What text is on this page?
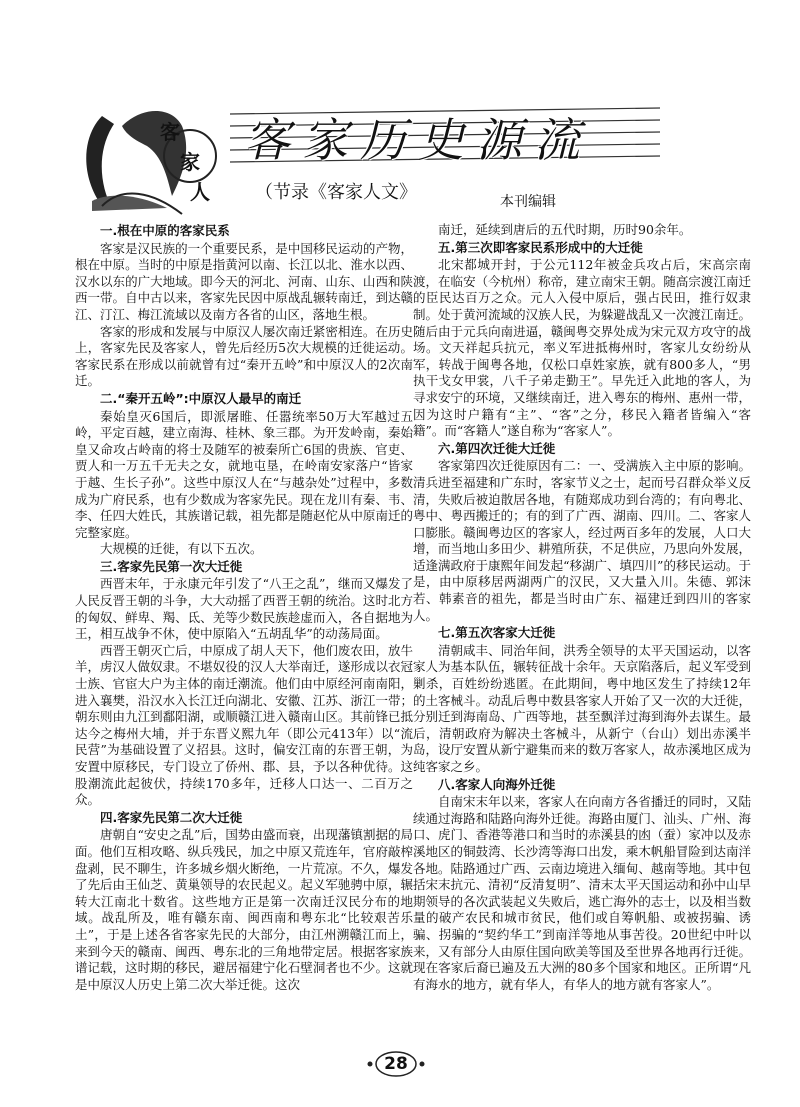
客
家
人
客家历史源流
（节录《客家人文》	本刊编辑
一.根在中原的客家民系

客家是汉民族的一个重要民系，是中国移民运动的产物，根在中原。当时的中原是指黄河以南、长江以北、淮水以西、汉水以东的广大地域。即今天的河北、河南、山东、山西和陕西一带。自中古以来，客家先民因中原战乱辗转南迁，到达赣江、汀江、梅江流域以及南方各省的山区，落地生根。

客家的形成和发展与中原汉人屡次南迁紧密相连。在历史上，客家先民及客家人，曾先后经历5次大规模的迁徙运动。客家民系在形成以前就曾有过“秦开五岭”和中原汉人的2次南迁。

二.“秦开五岭”:中原汉人最早的南迁

秦始皇灭6国后，即派屠睢、任嚣统率50万大军越过五岭，平定百越，建立南海、桂林、象三郡。为开发岭南，秦始皇又命攻占岭南的将士及随军的被秦所亡6国的贵族、官吏、贾人和一万五千无夫之女，就地屯垦，在岭南安家落户“皆家于越、生长子孙”。这些中原汉人在“与越杂处”过程中，多数成为广府民系，也有少数成为客家先民。现在龙川有秦、韦、李、任四大姓氏，其族谱记载，祖先都是随赵佗从中原南迁的完整家庭。

大规模的迁徙，有以下五次。

三.客家先民第一次大迁徙

西晋末年，于永康元年引发了“八王之乱”，继而又爆发了人民反晋王朝的斗争，大大动摇了西晋王朝的统治。这时北方的匈奴、鲜卑、羯、氐、羌等少数民族趁虚而入，各自据地为王，相互战争不休，使中原陷入“五胡乱华”的动荡局面。

西晋王朝灭亡后，中原成了胡人天下，他们废农田，放牛羊，虏汉人做奴隶。不堪奴役的汉人大举南迁，遂形成以衣冠士族、官宦大户为主体的南迁潮流。他们由中原经河南南阳，进入襄樊，沿汉水入长江迁向湖北、安徽、江苏、浙江一带；朝东则由九江到鄱阳湖，或顺赣江进入赣南山区。其前锋已抵达今之梅州大埔，并于东晋义熙九年（即公元413年）以“流民营”为基础设置了义招县。这时，偏安江南的东晋王朝，为安置中原移民，专门设立了侨州、郡、县，予以各种优待。这股潮流此起彼伏，持续170多年，迁移人口达一、二百万之众。

四.客家先民第二次大迁徙

唐朝自“安史之乱”后，国势由盛而衰，出现藩镇割据的局面。他们互相攻略、纵兵残民，加之中原又荒连年，官府敲榨盘剥，民不聊生，许多城乡烟火断绝，一片荒凉。不久，爆发了先后由王仙芝、黄巢领导的农民起义。起义军驰骋中原，辗转大江南北十数省。这些地方正是第一次南迁汉民分布的地域。战乱所及，唯有赣东南、闽西南和粤东北“比较艰苦乐土”，于是上述各省客家先民的大部分，由江州溯赣江而上，来到今天的赣南、闽西、粤东北的三角地带定居。根据客家族谱记载，这时期的移民，避居福建宁化石壁洞者也不少。这就是中原汉人历史上第二次大举迁徙。这次

南迁，延续到唐后的五代时期，历时90余年。

五.第三次即客家民系形成中的大迁徙

北宋都城开封，于公元112年被金兵攻占后，宋高宗南渡，在临安（今杭州）称帝，建立南宋王朝。随高宗渡江南迁的臣民达百万之众。元人入侵中原后，强占民田，推行奴隶制。处于黄河流域的汉族人民，为躲避战乱又一次渡江南迁。随后由于元兵向南进逼，赣闽粤交界处成为宋元双方攻守的战场。文天祥起兵抗元，率义军进抵梅州时，客家儿女纷纷从军，转战于闽粤各地，仅松口卓姓家族，就有800多人，“男执干戈女甲裳，八千子弟走勤王”。早先迁入此地的客人，为寻求安宁的环境，又继续南迁，进入粤东的梅州、惠州一带，因为这时户籍有“主”、“客”之分，移民入籍者皆编入“客籍”。而“客籍人”遂自称为“客家人”。

六.第四次迁徙大迁徙

客家第四次迁徙原因有二：一、受满族入主中原的影响。清兵进至福建和广东时，客家节义之士，起而号召群众举义反清，失败后被迫散居各地，有随郑成功到台湾的；有向粤北、粤中、粤西搬迁的；有的到了广西、湖南、四川。二、客家人口膨胀。赣闽粤边区的客家人，经过两百多年的发展，人口大增，而当地山多田少、耕殖所获，不足供应，乃思向外发展，适逢满政府于康熙年间发起“移湖广、填四川”的移民运动。于是，由中原移居两湖两广的汉民，又大量入川。朱德、郭沫若、韩素音的祖先，都是当时由广东、福建迁到四川的客家人。

七.第五次客家大迁徙

清朝咸丰、同治年间，洪秀全领导的太平天国运动，以客家人为基本队伍，辗转征战十余年。天京陷落后，起义军受到剿杀，百姓纷纷逃匿。在此期间，粤中地区发生了持续12年的土客械斗。动乱后粤中数县客家人开始了又一次的大迁徙，分别迁到海南岛、广西等地，甚至飘洋过海到海外去谋生。最后，清朝政府为解决土客械斗，从新宁（台山）划出赤溪半岛，设厅安置从新宁避集而来的数万客家人，故赤溪地区成为纯客家之乡。

八.客家人向海外迁徙

自南宋末年以来，客家人在向南方各省播迁的同时，又陆续通过海路和陆路向海外迁徙。海路由厦门、汕头、广州、海口、虎门、香港等港口和当时的赤溪县的凼（蚕）家冲以及赤溪地区的铜鼓湾、长沙湾等海口出发，乘木帆船冒险到达南洋各地。陆路通过广西、云南边境进入缅甸、越南等地。其中包括宋末抗元、清初“反清复明”、清末太平天国运动和孙中山早期领导的各次武装起义失败后，逃亡海外的志士，以及相当数量的破产农民和城市贫民，他们或自筹帆船、或被拐骗、诱骗、拐骗的“契约华工”到南洋等地从事苦役。20世纪中叶以来，又有部分人由原住国向欧美等国及至世界各地再行迁徙。现在客家后裔已遍及五大洲的80多个国家和地区。正所谓“凡有海水的地方，就有华人，有华人的地方就有客家人”。

28
